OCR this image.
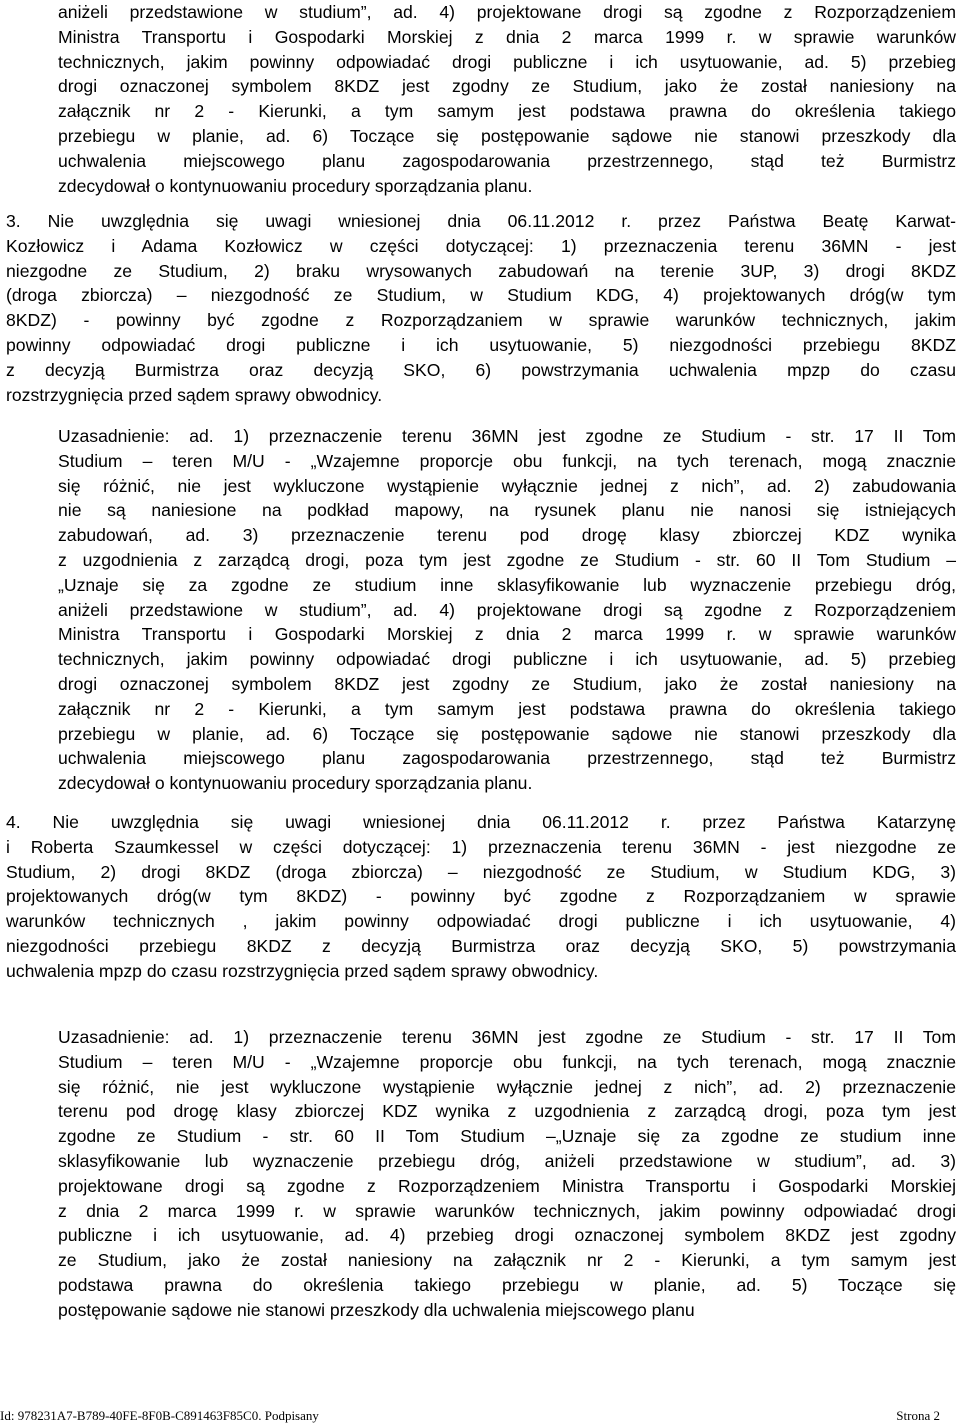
aniżeli przedstawione w studium”, ad. 4) projektowane drogi są zgodne z Rozporządzeniem
Ministra Transportu i Gospodarki Morskiej z dnia 2 marca 1999 r. w sprawie warunków
technicznych, jakim powinny odpowiadać drogi publiczne i ich usytuowanie, ad. 5) przebieg
drogi oznaczonej symbolem 8KDZ jest zgodny ze Studium, jako że został naniesiony na
załącznik nr 2 - Kierunki, a tym samym jest podstawa prawna do określenia takiego
przebiegu w planie, ad. 6) Toczące się postępowanie sądowe nie stanowi przeszkody dla
uchwalenia miejscowego planu zagospodarowania przestrzennego, stąd też Burmistrz
zdecydował o kontynuowaniu procedury sporządzania planu.
3. Nie uwzględnia się uwagi wniesionej dnia 06.11.2012 r. przez Państwa Beatę Karwat-
Kozłowicz i Adama Kozłowicz w części dotyczącej: 1) przeznaczenia terenu 36MN - jest
niezgodne ze Studium, 2) braku wrysowanych zabudowań na terenie 3UP, 3) drogi 8KDZ
(droga zbiorcza) – niezgodność ze Studium, w Studium KDG, 4) projektowanych dróg(w tym
8KDZ) - powinny być zgodne z Rozporządzaniem w sprawie warunków technicznych, jakim
powinny odpowiadać drogi publiczne i ich usytuowanie, 5) niezgodności przebiegu 8KDZ
z decyzją Burmistrza oraz decyzją SKO, 6) powstrzymania uchwalenia mpzp do czasu
rozstrzygnięcia przed sądem sprawy obwodnicy.
Uzasadnienie: ad. 1) przeznaczenie terenu 36MN jest zgodne ze Studium - str. 17 II Tom
Studium – teren M/U - „Wzajemne proporcje obu funkcji, na tych terenach, mogą znacznie
się różnić, nie jest wykluczone wystąpienie wyłącznie jednej z nich”, ad. 2) zabudowania
nie są naniesione na podkład mapowy, na rysunek planu nie nanosi się istniejących
zabudowań, ad. 3) przeznaczenie terenu pod drogę klasy zbiorczej KDZ wynika
z uzgodnienia z zarządcą drogi, poza tym jest zgodne ze Studium - str. 60 II Tom Studium –
„Uznaje się za zgodne ze studium inne sklasyfikowanie lub wyznaczenie przebiegu dróg,
aniżeli przedstawione w studium”, ad. 4) projektowane drogi są zgodne z Rozporządzeniem
Ministra Transportu i Gospodarki Morskiej z dnia 2 marca 1999 r. w sprawie warunków
technicznych, jakim powinny odpowiadać drogi publiczne i ich usytuowanie, ad. 5) przebieg
drogi oznaczonej symbolem 8KDZ jest zgodny ze Studium, jako że został naniesiony na
załącznik nr 2 - Kierunki, a tym samym jest podstawa prawna do określenia takiego
przebiegu w planie, ad. 6) Toczące się postępowanie sądowe nie stanowi przeszkody dla
uchwalenia miejscowego planu zagospodarowania przestrzennego, stąd też Burmistrz
zdecydował o kontynuowaniu procedury sporządzania planu.
4. Nie uwzględnia się uwagi wniesionej dnia 06.11.2012 r. przez Państwa Katarzynę
i Roberta Szaumkessel w części dotyczącej: 1) przeznaczenia terenu 36MN - jest niezgodne ze
Studium, 2) drogi 8KDZ (droga zbiorcza) – niezgodność ze Studium, w Studium KDG, 3)
projektowanych dróg(w tym 8KDZ) - powinny być zgodne z Rozporządzaniem w sprawie
warunków technicznych , jakim powinny odpowiadać drogi publiczne i ich usytuowanie, 4)
niezgodności przebiegu 8KDZ z decyzją Burmistrza oraz decyzją SKO, 5) powstrzymania
uchwalenia mpzp do czasu rozstrzygnięcia przed sądem sprawy obwodnicy.
Uzasadnienie: ad. 1) przeznaczenie terenu 36MN jest zgodne ze Studium - str. 17 II Tom
Studium – teren M/U - „Wzajemne proporcje obu funkcji, na tych terenach, mogą znacznie
się różnić, nie jest wykluczone wystąpienie wyłącznie jednej z nich”, ad. 2) przeznaczenie
terenu pod drogę klasy zbiorczej KDZ wynika z uzgodnienia z zarządcą drogi, poza tym jest
zgodne ze Studium - str. 60 II Tom Studium –„Uznaje się za zgodne ze studium inne
sklasyfikowanie lub wyznaczenie przebiegu dróg, aniżeli przedstawione w studium”, ad. 3)
projektowane drogi są zgodne z Rozporządzeniem Ministra Transportu i Gospodarki Morskiej
z dnia 2 marca 1999 r. w sprawie warunków technicznych, jakim powinny odpowiadać drogi
publiczne i ich usytuowanie, ad. 4) przebieg drogi oznaczonej symbolem 8KDZ jest zgodny
ze Studium, jako że został naniesiony na załącznik nr 2 - Kierunki, a tym samym jest
podstawa prawna do określenia takiego przebiegu w planie, ad. 5) Toczące się
postępowanie sądowe nie stanowi przeszkody dla uchwalenia miejscowego planu
Id: 978231A7-B789-40FE-8F0B-C891463F85C0. Podpisany	Strona 2
